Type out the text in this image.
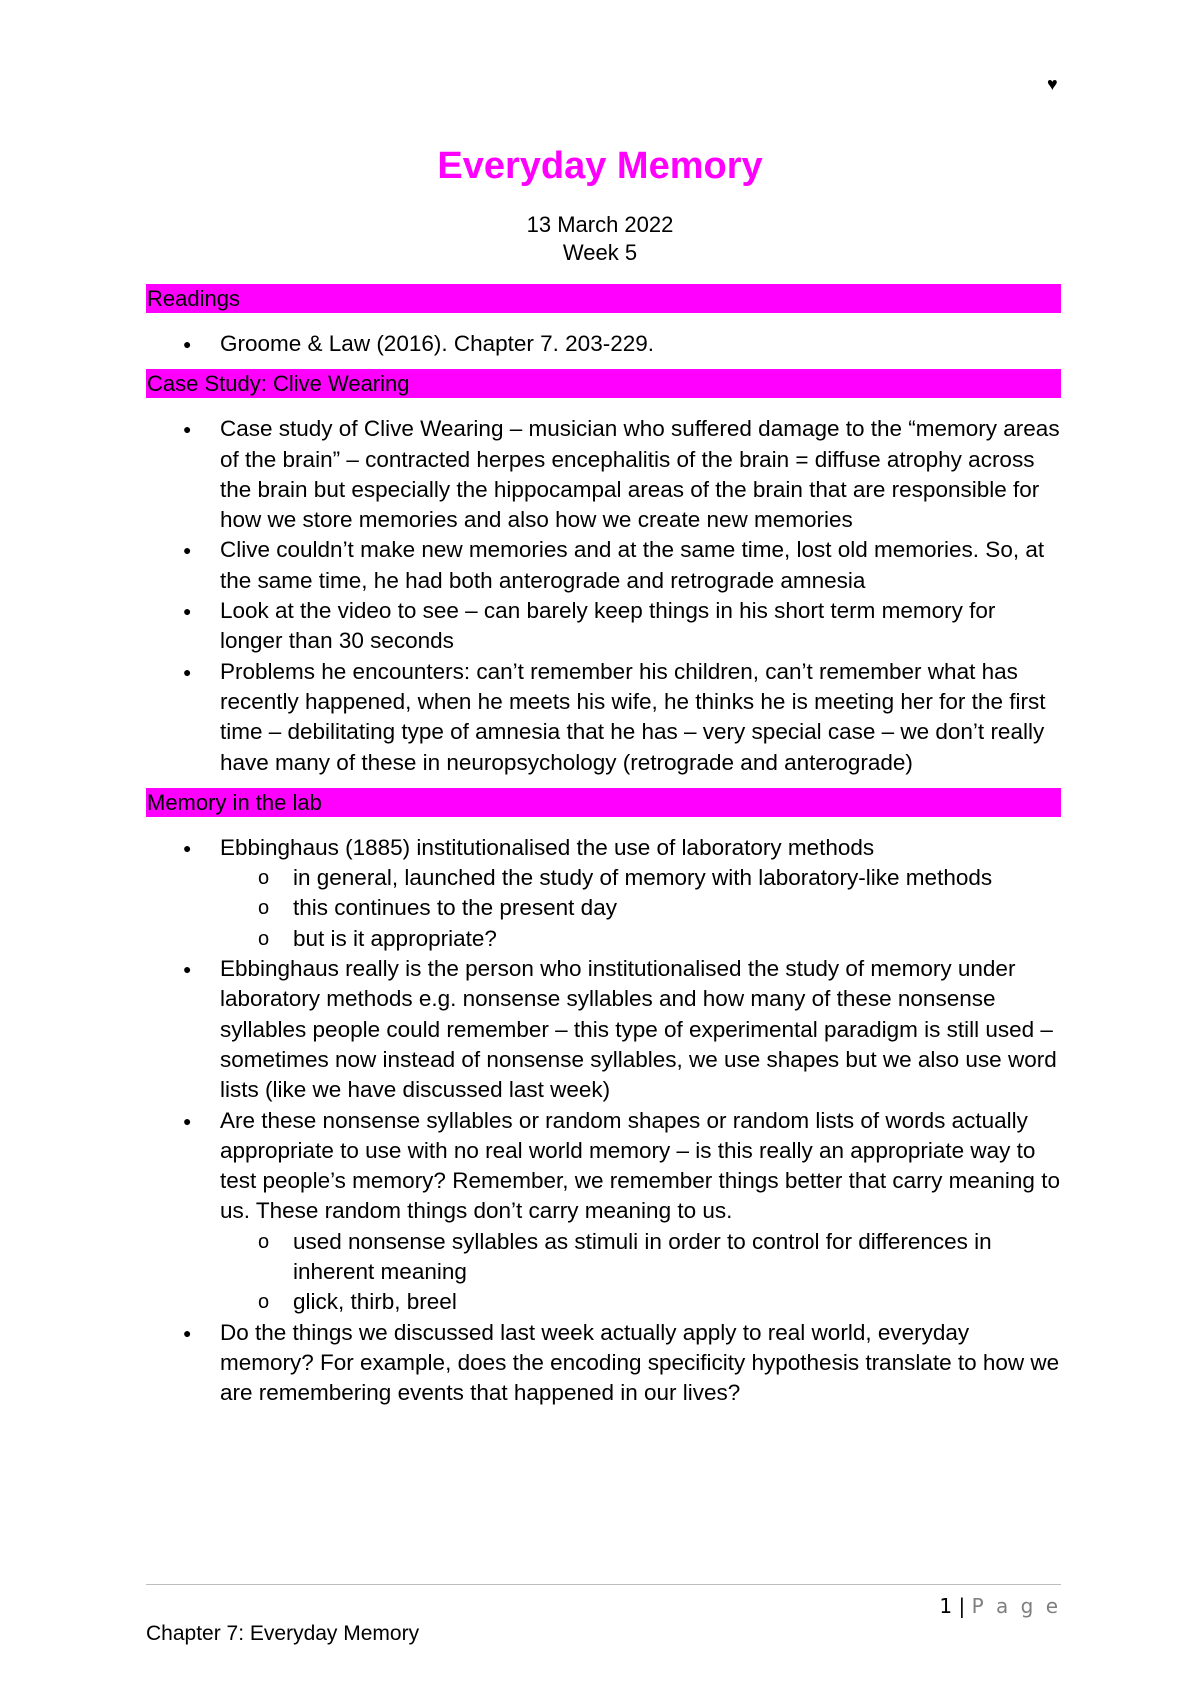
♥
Everyday Memory
13 March 2022
Week 5
Readings
● Groome & Law (2016). Chapter 7. 203-229.
Case Study: Clive Wearing
● Case study of Clive Wearing – musician who suffered damage to the “memory areas of the brain” – contracted herpes encephalitis of the brain = diffuse atrophy across the brain but especially the hippocampal areas of the brain that are responsible for how we store memories and also how we create new memories
● Clive couldn’t make new memories and at the same time, lost old memories. So, at the same time, he had both anterograde and retrograde amnesia
● Look at the video to see – can barely keep things in his short term memory for longer than 30 seconds
● Problems he encounters: can’t remember his children, can’t remember what has recently happened, when he meets his wife, he thinks he is meeting her for the first time – debilitating type of amnesia that he has – very special case – we don’t really have many of these in neuropsychology (retrograde and anterograde)
Memory in the lab
● Ebbinghaus (1885) institutionalised the use of laboratory methods
o in general, launched the study of memory with laboratory-like methods
o this continues to the present day
o but is it appropriate?
● Ebbinghaus really is the person who institutionalised the study of memory under laboratory methods e.g. nonsense syllables and how many of these nonsense syllables people could remember – this type of experimental paradigm is still used – sometimes now instead of nonsense syllables, we use shapes but we also use word lists (like we have discussed last week)
● Are these nonsense syllables or random shapes or random lists of words actually appropriate to use with no real world memory – is this really an appropriate way to test people’s memory? Remember, we remember things better that carry meaning to us. These random things don’t carry meaning to us.
o used nonsense syllables as stimuli in order to control for differences in inherent meaning
o glick, thirb, breel
● Do the things we discussed last week actually apply to real world, everyday memory? For example, does the encoding specificity hypothesis translate to how we are remembering events that happened in our lives?
1 | P a g e
Chapter 7: Everyday Memory
